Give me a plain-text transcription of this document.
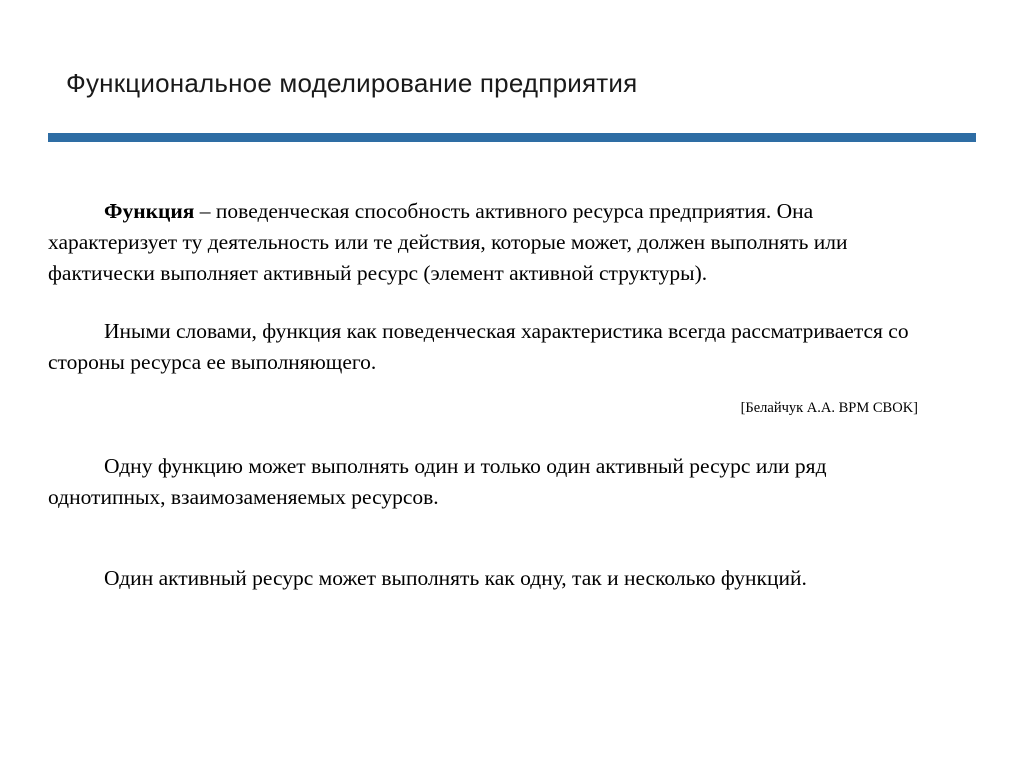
Функциональное моделирование предприятия

Функция – поведенческая способность активного ресурса предприятия. Она характеризует ту деятельность или те действия, которые может, должен выполнять или фактически выполняет активный ресурс (элемент активной структуры).

Иными словами, функция как поведенческая характеристика всегда рассматривается со стороны ресурса ее выполняющего.

[Белайчук А.А. BPM CBOK]

Одну функцию может выполнять один и только один активный ресурс или ряд однотипных, взаимозаменяемых ресурсов.

Один активный ресурс может выполнять как одну, так и несколько функций.
